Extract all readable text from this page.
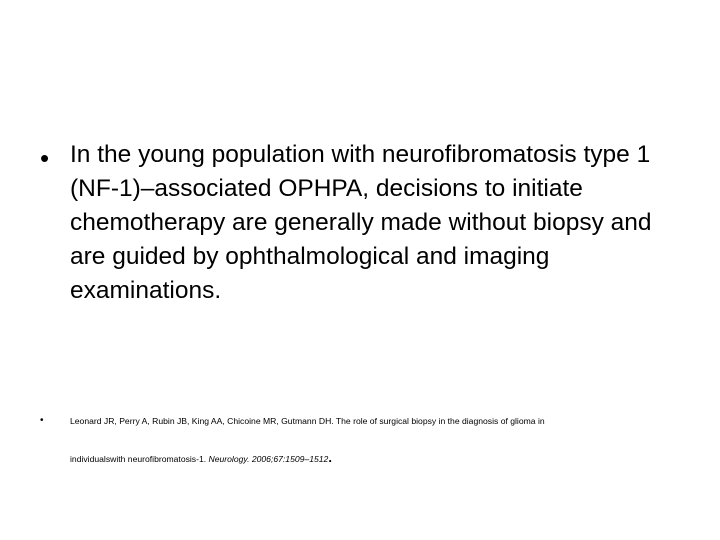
• In the young population with neurofibromatosis type 1 (NF-1)–associated OPHPA, decisions to initiate chemotherapy are generally made without biopsy and are guided by ophthalmological and imaging examinations.
•	Leonard JR, Perry A, Rubin JB, King AA, Chicoine MR, Gutmann DH. The role of surgical biopsy in the diagnosis of glioma in
individualswith neurofibromatosis-1. Neurology. 2006;67:1509–1512.
